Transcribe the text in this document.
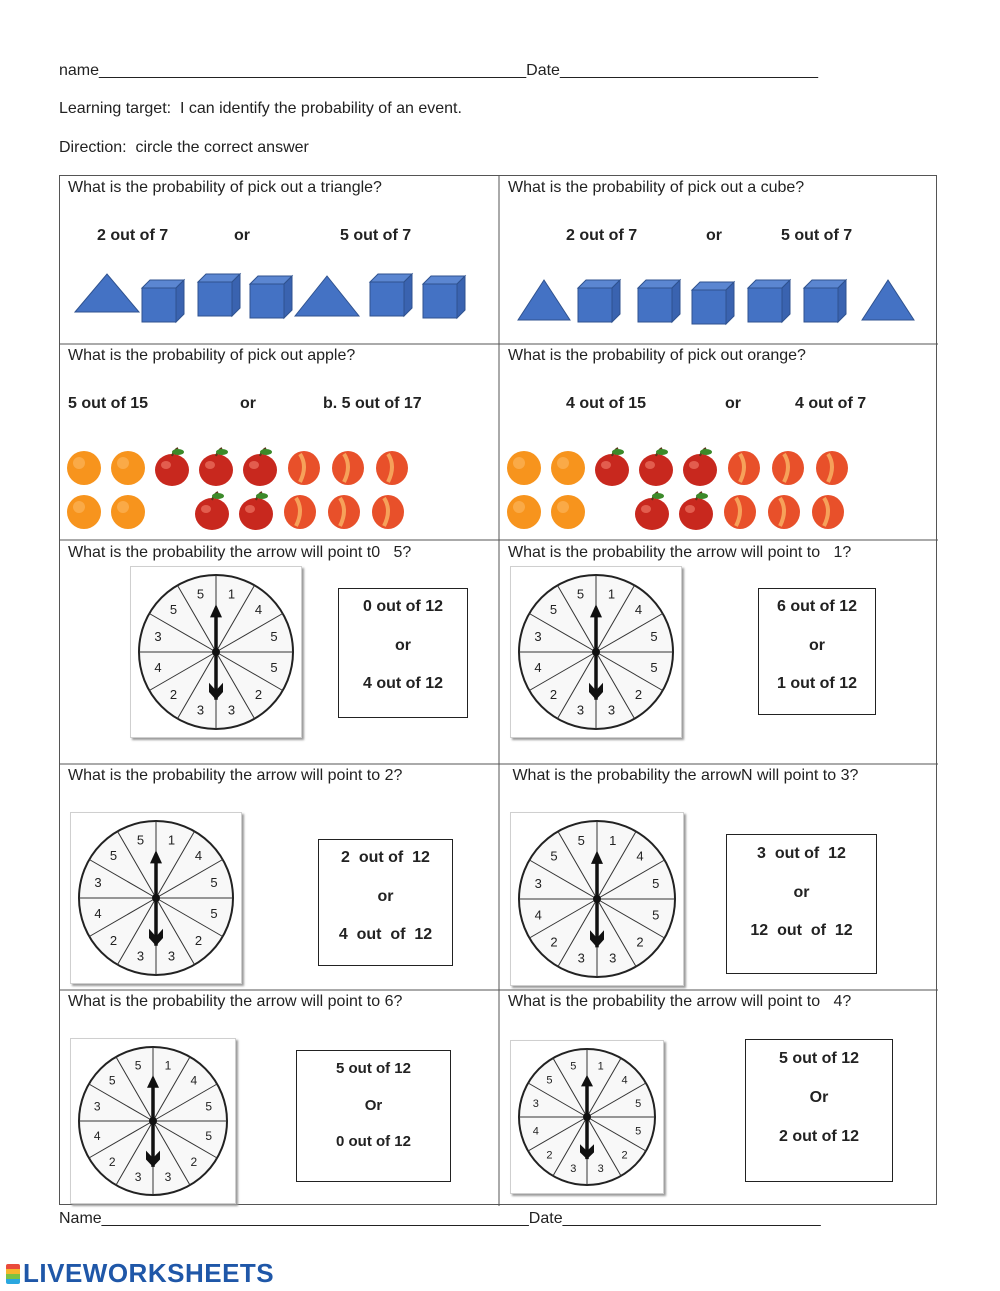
name________________________________________________Date_____________________________
Learning target:  I can identify the probability of an event.
Direction:  circle the correct answer
What is the probability of pick out a triangle?
2 out of 7	or	5 out of 7
What is the probability of pick out a cube?
2 out of 7	or	5 out of 7
What is the probability of pick out apple?
5 out of 15	or	b. 5 out of 17
What is the probability of pick out orange?
4 out of 15	or	4 out of 7
What is the probability the arrow will point t0   5?
1
4
5
5
2
3
3
2
4
3
5
5
0 out of 12
or
4 out of 12
What is the probability the arrow will point to   1?
1
4
5
5
2
3
3
2
4
3
5
5
6 out of 12
or
1 out of 12
What is the probability the arrow will point to 2?
1
4
5
5
2
3
3
2
4
3
5
5
2  out of  12
or
4  out  of  12
What is the probability the arrowN will point to 3?
1
4
5
5
2
3
3
2
4
3
5
5
3  out of  12
or
12  out  of  12
What is the probability the arrow will point to 6?
1
4
5
5
2
3
3
2
4
3
5
5	5 out of 12
Or
0 out of 12
What is the probability the arrow will point to   4?
1
4
5
5
2
3
3
2
4
3
5
5	5 out of 12
Or
2 out of 12
Name________________________________________________Date_____________________________
LIVEWORKSHEETS
